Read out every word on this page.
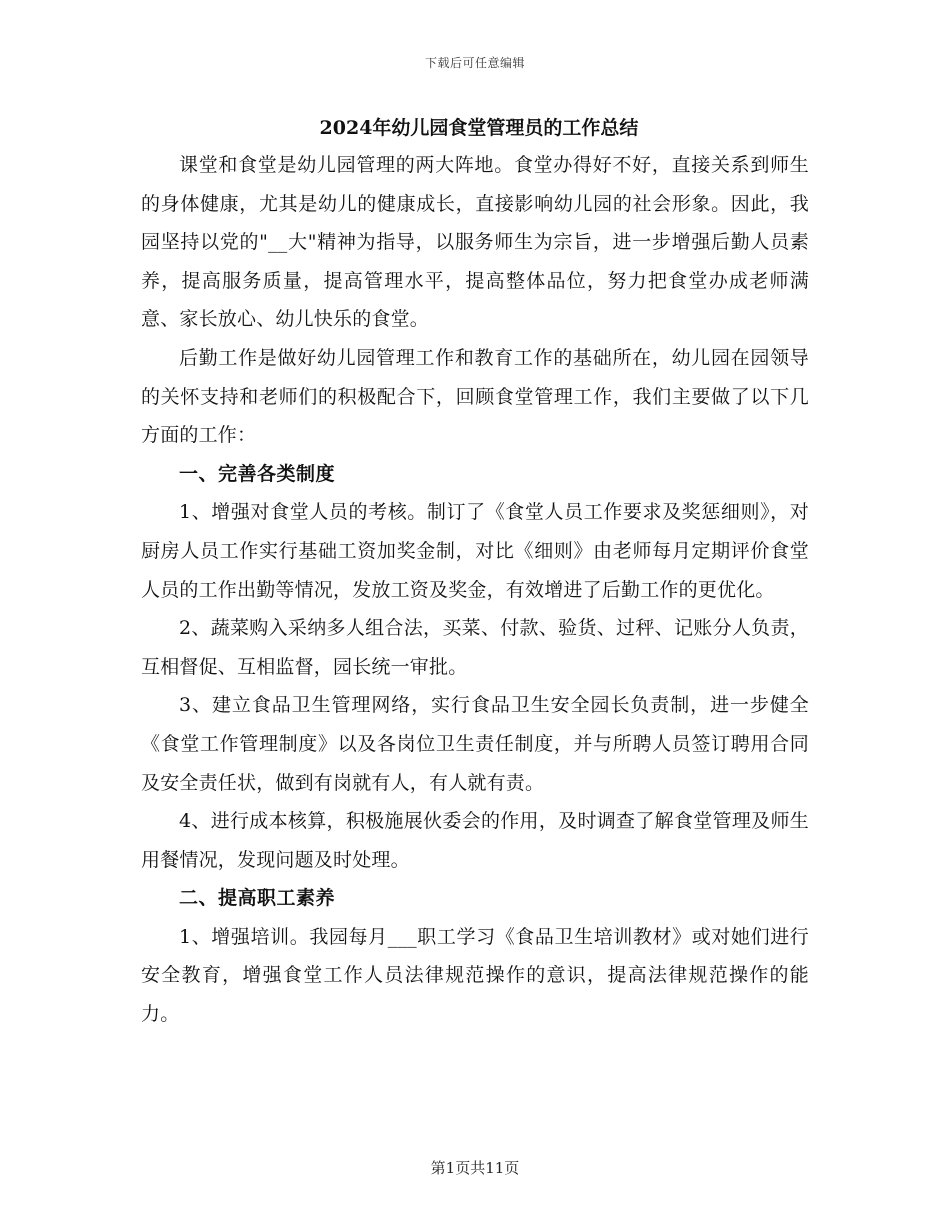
下载后可任意编辑
2024年幼儿园食堂管理员的工作总结

课堂和食堂是幼儿园管理的两大阵地。食堂办得好不好，直接关系到师生的身体健康，尤其是幼儿的健康成长，直接影响幼儿园的社会形象。因此，我园坚持以党的"__大"精神为指导，以服务师生为宗旨，进一步增强后勤人员素养，提高服务质量，提高管理水平，提高整体品位，努力把食堂办成老师满意、家长放心、幼儿快乐的食堂。

后勤工作是做好幼儿园管理工作和教育工作的基础所在，幼儿园在园领导的关怀支持和老师们的积极配合下，回顾食堂管理工作，我们主要做了以下几方面的工作：

一、完善各类制度

1、增强对食堂人员的考核。制订了《食堂人员工作要求及奖惩细则》，对厨房人员工作实行基础工资加奖金制，对比《细则》由老师每月定期评价食堂人员的工作出勤等情况，发放工资及奖金，有效增进了后勤工作的更优化。

2、蔬菜购入采纳多人组合法，买菜、付款、验货、过秤、记账分人负责，互相督促、互相监督，园长统一审批。

3、建立食品卫生管理网络，实行食品卫生安全园长负责制，进一步健全《食堂工作管理制度》以及各岗位卫生责任制度，并与所聘人员签订聘用合同及安全责任状，做到有岗就有人，有人就有责。

4、进行成本核算，积极施展伙委会的作用，及时调查了解食堂管理及师生用餐情况，发现问题及时处理。

二、提高职工素养

1、增强培训。我园每月___职工学习《食品卫生培训教材》或对她们进行安全教育，增强食堂工作人员法律规范操作的意识，提高法律规范操作的能力。

第1页共11页
